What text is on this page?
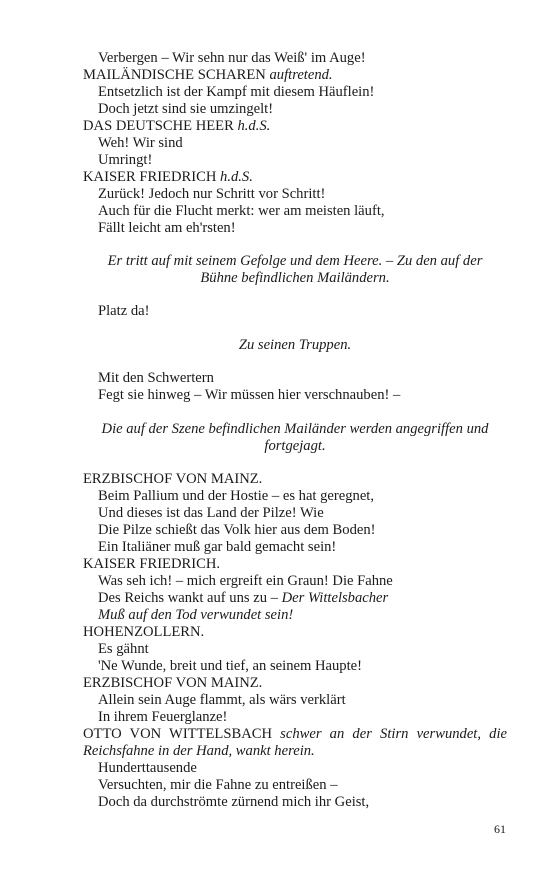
Verbergen – Wir sehn nur das Weiß' im Auge!
MAILÄNDISCHE SCHAREN auftretend.
Entsetzlich ist der Kampf mit diesem Häuflein!
Doch jetzt sind sie umzingelt!
DAS DEUTSCHE HEER h.d.S.
Weh! Wir sind
Umringt!
KAISER FRIEDRICH h.d.S.
Zurück! Jedoch nur Schritt vor Schritt!
Auch für die Flucht merkt: wer am meisten läuft,
Fällt leicht am eh'rsten!
Er tritt auf mit seinem Gefolge und dem Heere. – Zu den auf der Bühne befindlichen Mailändern.
Platz da!
Zu seinen Truppen.
Mit den Schwertern
Fegt sie hinweg – Wir müssen hier verschnauben! –
Die auf der Szene befindlichen Mailänder werden angegriffen und fortgejagt.
ERZBISCHOF VON MAINZ.
Beim Pallium und der Hostie – es hat geregnet,
Und dieses ist das Land der Pilze! Wie
Die Pilze schießt das Volk hier aus dem Boden!
Ein Italiäner muß gar bald gemacht sein!
KAISER FRIEDRICH.
Was seh ich! – mich ergreift ein Graun! Die Fahne
Des Reichs wankt auf uns zu – Der Wittelsbacher
Muß auf den Tod verwundet sein!
HOHENZOLLERN.
Es gähnt
'Ne Wunde, breit und tief, an seinem Haupte!
ERZBISCHOF VON MAINZ.
Allein sein Auge flammt, als wärs verklärt
In ihrem Feuerglanze!
OTTO VON WITTELSBACH schwer an der Stirn verwundet, die
Reichsfahne in der Hand, wankt herein.
Hunderttausende
Versuchten, mir die Fahne zu entreißen –
Doch da durchströmte zürnend mich ihr Geist,
61
